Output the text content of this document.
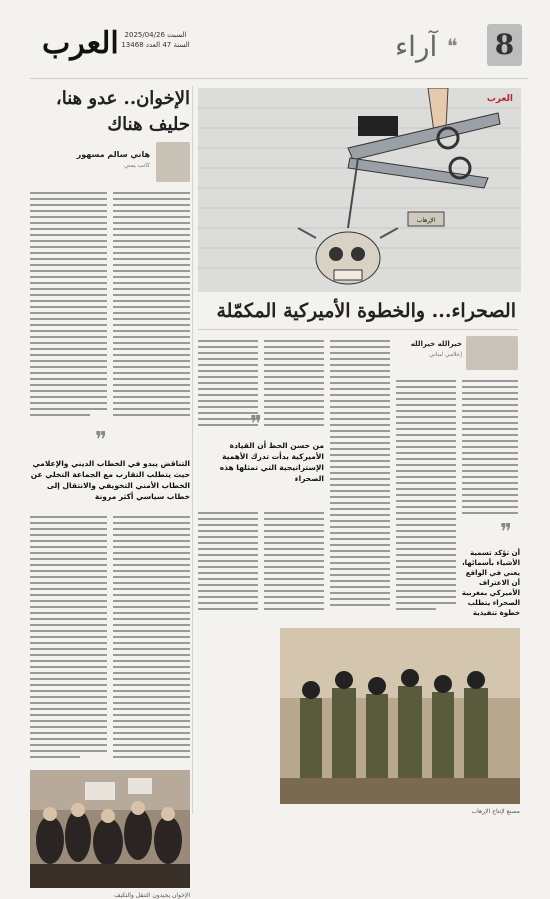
العرب السبت 2025/04/26
السنة 47 العدد 13468	❝
آراء 8
الإخوان.. عدو هنا، حليف هناك
هاني سالم مسهور
كاتب يمني
❞
التناقض يبدو في الخطاب الديني والإعلامي حيث يتطلب التقارب مع الجماعة التخلي عن الخطاب الأمني التخويفي والانتقال إلى خطاب سياسي أكثر مرونة
الإخوان يجيدون التنقل والتكيف
الإرهاب
العرب
الصحراء... والخطوة الأميركية المكمّلة
خيرالله خيرالله
إعلامي لبناني
❞
من حسن الحظ أن القيادة الأميركية بدأت تدرك الأهمية الإستراتيجية التي تمثلها هذه الصحراء
❞
أن تؤكد تسمية الأشياء بأسمائها، يعني في الواقع أن الاعتراف الأميركي بمغربية الصحراء يتطلب خطوة تنفيذية
مصنع لإنتاج الإرهاب
